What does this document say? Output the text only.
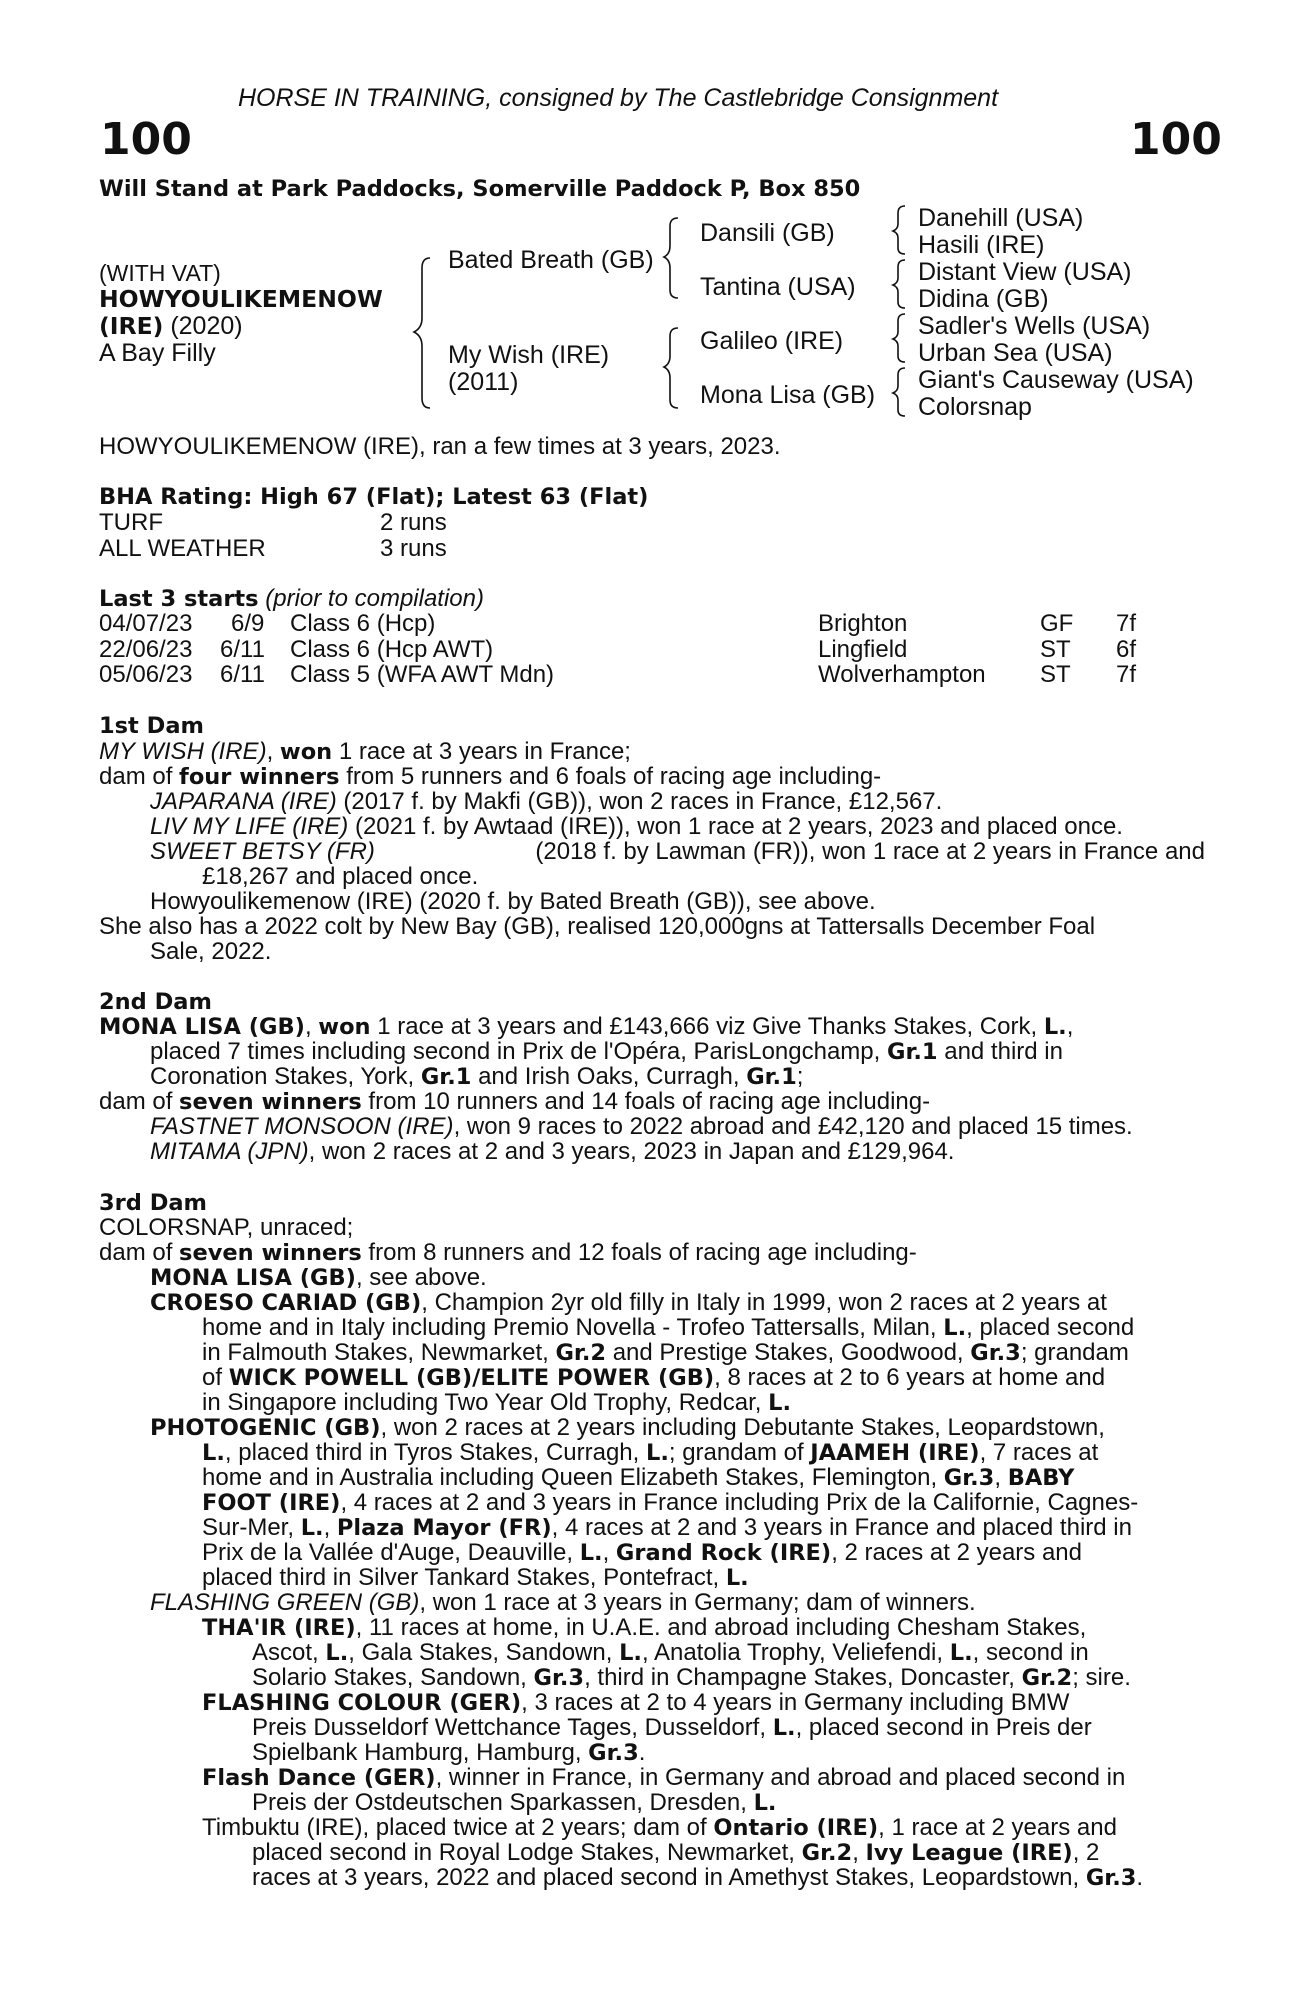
HORSE IN TRAINING, consigned by The Castlebridge Consignment
100	100
Will Stand at Park Paddocks, Somerville Paddock P, Box 850
(WITH VAT)
HOWYOULIKEMENOW
(IRE) (2020)
A Bay Filly
Bated Breath (GB)
My Wish (IRE)
(2011)
Dansili (GB)
Tantina (USA)
Galileo (IRE)
Mona Lisa (GB)
Danehill (USA)
Hasili (IRE)
Distant View (USA)
Didina (GB)
Sadler's Wells (USA)
Urban Sea (USA)
Giant's Causeway (USA)
Colorsnap
HOWYOULIKEMENOW (IRE), ran a few times at 3 years, 2023.
BHA Rating: High 67 (Flat); Latest 63 (Flat)
TURF	2 runs
ALL WEATHER	3 runs
Last 3 starts (prior to compilation)
04/07/23 6/9 Class 6 (Hcp)	Brighton	GF 7f
22/06/23 6/11 Class 6 (Hcp AWT)	Lingfield	ST 6f
05/06/23 6/11 Class 5 (WFA AWT Mdn)	Wolverhampton ST 7f
1st Dam
MY WISH (IRE), won 1 race at 3 years in France;
dam of four winners from 5 runners and 6 foals of racing age including-
JAPARANA (IRE) (2017 f. by Makfi (GB)), won 2 races in France, £12,567.
LIV MY LIFE (IRE) (2021 f. by Awtaad (IRE)), won 1 race at 2 years, 2023 and placed once.
SWEET BETSY (FR)	(2018 f. by Lawman (FR)), won 1 race at 2 years in France and
£18,267 and placed once.
Howyoulikemenow (IRE) (2020 f. by Bated Breath (GB)), see above.
She also has a 2022 colt by New Bay (GB), realised 120,000gns at Tattersalls December Foal
Sale, 2022.
2nd Dam
MONA LISA (GB), won 1 race at 3 years and £143,666 viz Give Thanks Stakes, Cork, L.,
placed 7 times including second in Prix de l'Opéra, ParisLongchamp, Gr.1 and third in
Coronation Stakes, York, Gr.1 and Irish Oaks, Curragh, Gr.1;
dam of seven winners from 10 runners and 14 foals of racing age including-
FASTNET MONSOON (IRE), won 9 races to 2022 abroad and £42,120 and placed 15 times.
MITAMA (JPN), won 2 races at 2 and 3 years, 2023 in Japan and £129,964.
3rd Dam
COLORSNAP, unraced;
dam of seven winners from 8 runners and 12 foals of racing age including-
MONA LISA (GB), see above.
CROESO CARIAD (GB), Champion 2yr old filly in Italy in 1999, won 2 races at 2 years at
home and in Italy including Premio Novella - Trofeo Tattersalls, Milan, L., placed second
in Falmouth Stakes, Newmarket, Gr.2 and Prestige Stakes, Goodwood, Gr.3; grandam
of WICK POWELL (GB)/ELITE POWER (GB), 8 races at 2 to 6 years at home and
in Singapore including Two Year Old Trophy, Redcar, L.
PHOTOGENIC (GB), won 2 races at 2 years including Debutante Stakes, Leopardstown,
L., placed third in Tyros Stakes, Curragh, L.; grandam of JAAMEH (IRE), 7 races at
home and in Australia including Queen Elizabeth Stakes, Flemington, Gr.3, BABY
FOOT (IRE), 4 races at 2 and 3 years in France including Prix de la Californie, Cagnes-
Sur-Mer, L., Plaza Mayor (FR), 4 races at 2 and 3 years in France and placed third in
Prix de la Vallée d'Auge, Deauville, L., Grand Rock (IRE), 2 races at 2 years and
placed third in Silver Tankard Stakes, Pontefract, L.
FLASHING GREEN (GB), won 1 race at 3 years in Germany; dam of winners.
THA'IR (IRE), 11 races at home, in U.A.E. and abroad including Chesham Stakes,
Ascot, L., Gala Stakes, Sandown, L., Anatolia Trophy, Veliefendi, L., second in
Solario Stakes, Sandown, Gr.3, third in Champagne Stakes, Doncaster, Gr.2; sire.
FLASHING COLOUR (GER), 3 races at 2 to 4 years in Germany including BMW
Preis Dusseldorf Wettchance Tages, Dusseldorf, L., placed second in Preis der
Spielbank Hamburg, Hamburg, Gr.3.
Flash Dance (GER), winner in France, in Germany and abroad and placed second in
Preis der Ostdeutschen Sparkassen, Dresden, L.
Timbuktu (IRE), placed twice at 2 years; dam of Ontario (IRE), 1 race at 2 years and
placed second in Royal Lodge Stakes, Newmarket, Gr.2, Ivy League (IRE), 2
races at 3 years, 2022 and placed second in Amethyst Stakes, Leopardstown, Gr.3.
